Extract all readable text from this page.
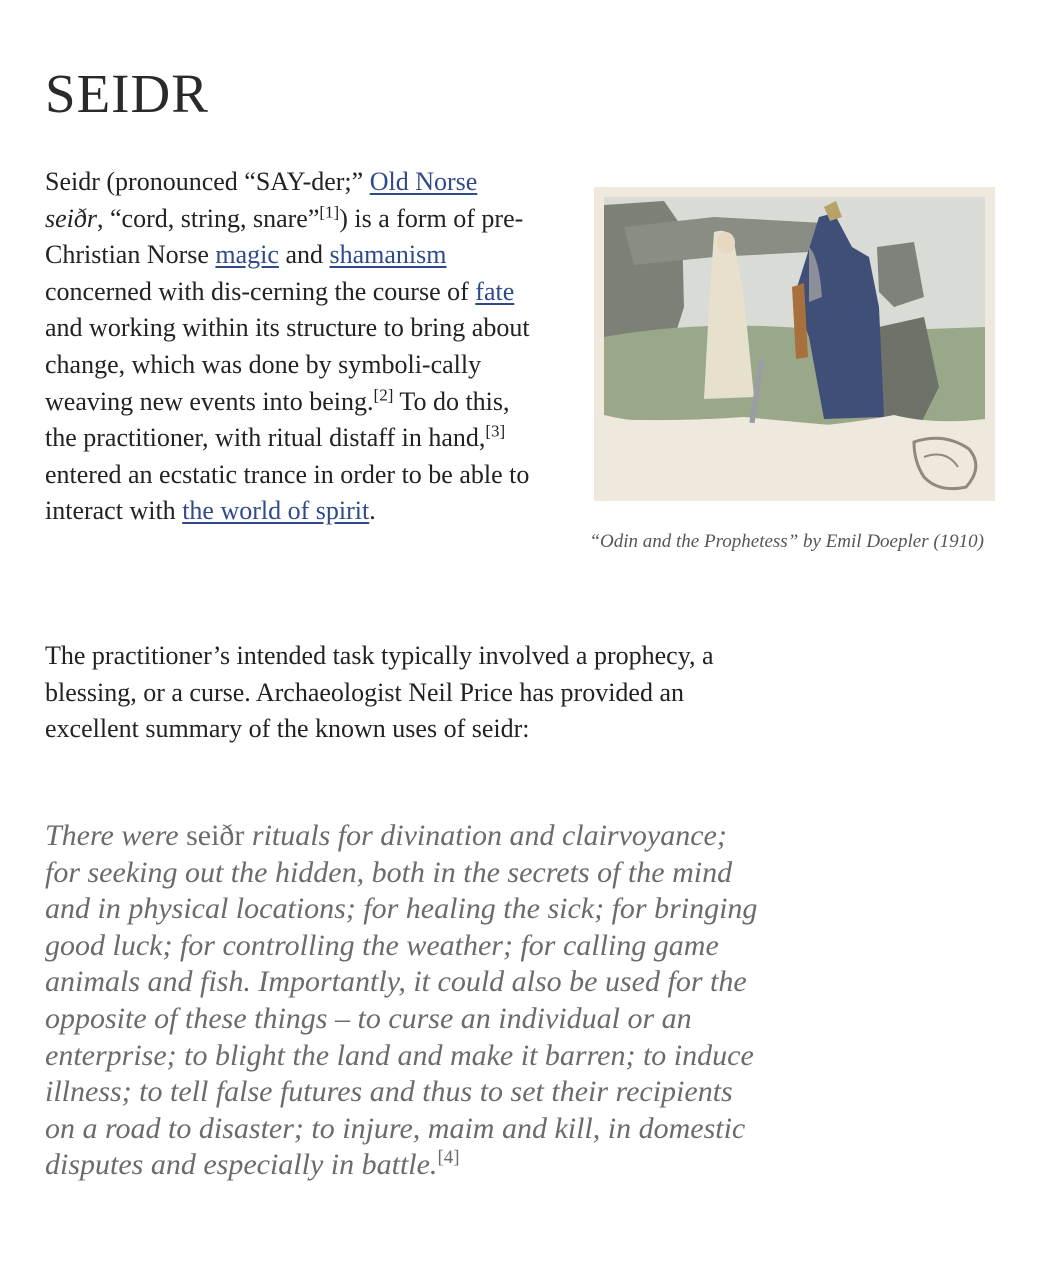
SEIDR

Seidr (pronounced “SAY-der;” Old Norse seiðr, “cord, string, snare”[1]) is a form of pre-Christian Norse magic and shamanism concerned with dis-cerning the course of fate and working within its structure to bring about change, which was done by symboli-cally weaving new events into being.[2] To do this, the practitioner, with ritual distaff in hand,[3] entered an ecstatic trance in order to be able to interact with the world of spirit.

“Odin and the Prophetess” by Emil Doepler (1910)

The practitioner’s intended task typically involved a prophecy, a blessing, or a curse. Archaeologist Neil Price has provided an excellent summary of the known uses of seidr:

There were seiðr rituals for divination and clairvoyance; for seeking out the hidden, both in the secrets of the mind and in physical locations; for healing the sick; for bringing good luck; for controlling the weather; for calling game animals and fish. Importantly, it could also be used for the opposite of these things – to curse an individual or an enterprise; to blight the land and make it barren; to induce illness; to tell false futures and thus to set their recipients on a road to disaster; to injure, maim and kill, in domestic disputes and especially in battle.[4]
